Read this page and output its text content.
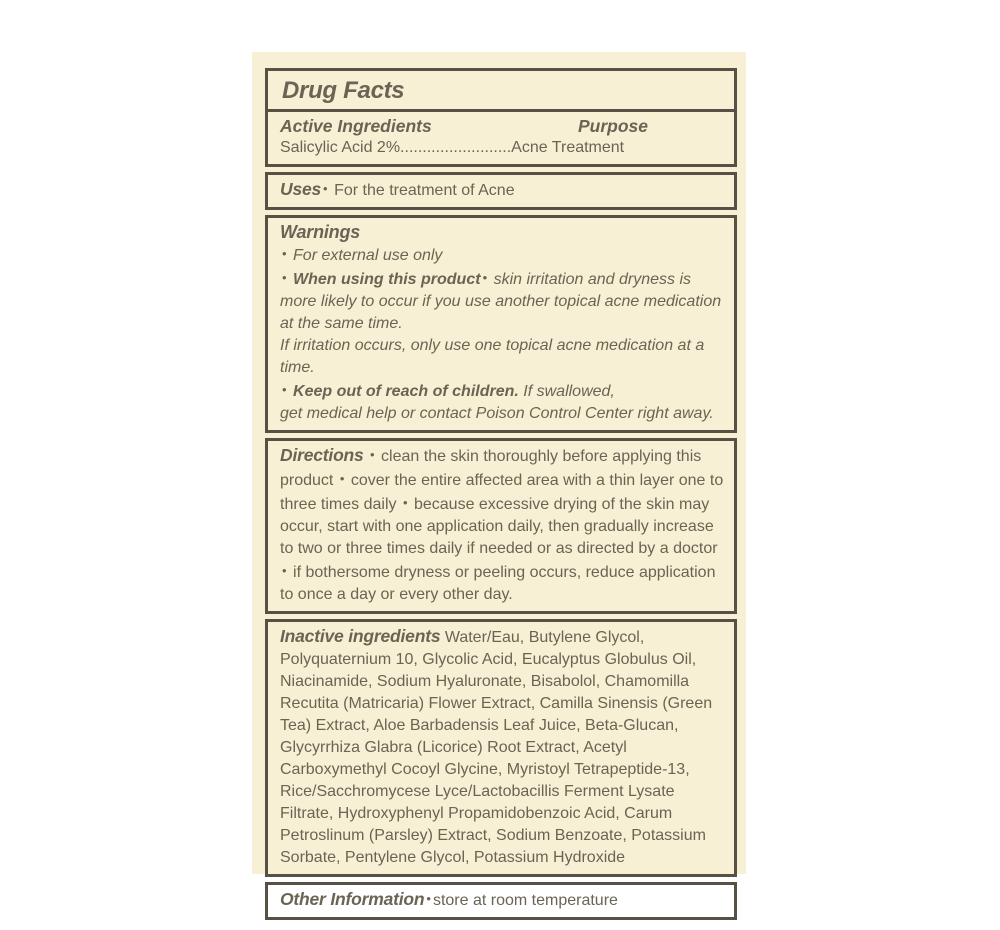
Drug Facts
Active Ingredients	Purpose
Salicylic Acid 2%.........................Acne Treatment
Uses • For the treatment of Acne
Warnings

• For external use only

• When using this product • skin irritation and dryness is more likely to occur if you use another topical acne medication at the same time.

If irritation occurs, only use one topical acne medication at a time.

• Keep out of reach of children. If swallowed,
get medical help or contact Poison Control Center right away.

Directions • clean the skin thoroughly before applying this product • cover the entire affected area with a thin layer one to three times daily • because excessive drying of the skin may occur, start with one application daily, then gradually increase to two or three times daily if needed or as directed by a doctor • if bothersome dryness or peeling occurs, reduce application to once a day or every other day.
Inactive ingredients Water/Eau, Butylene Glycol, Polyquaternium 10, Glycolic Acid, Eucalyptus Globulus Oil, Niacinamide, Sodium Hyaluronate, Bisabolol, Chamomilla Recutita (Matricaria) Flower Extract, Camilla Sinensis (Green Tea) Extract, Aloe Barbadensis Leaf Juice, Beta-Glucan, Glycyrrhiza Glabra (Licorice) Root Extract, Acetyl Carboxymethyl Cocoyl Glycine, Myristoyl Tetrapeptide-13, Rice/Sacchromycese Lyce/Lactobacillis Ferment Lysate Filtrate, Hydroxyphenyl Propamidobenzoic Acid, Carum Petroslinum (Parsley) Extract, Sodium Benzoate, Potassium Sorbate, Pentylene Glycol, Potassium Hydroxide
Other Information • store at room temperature
